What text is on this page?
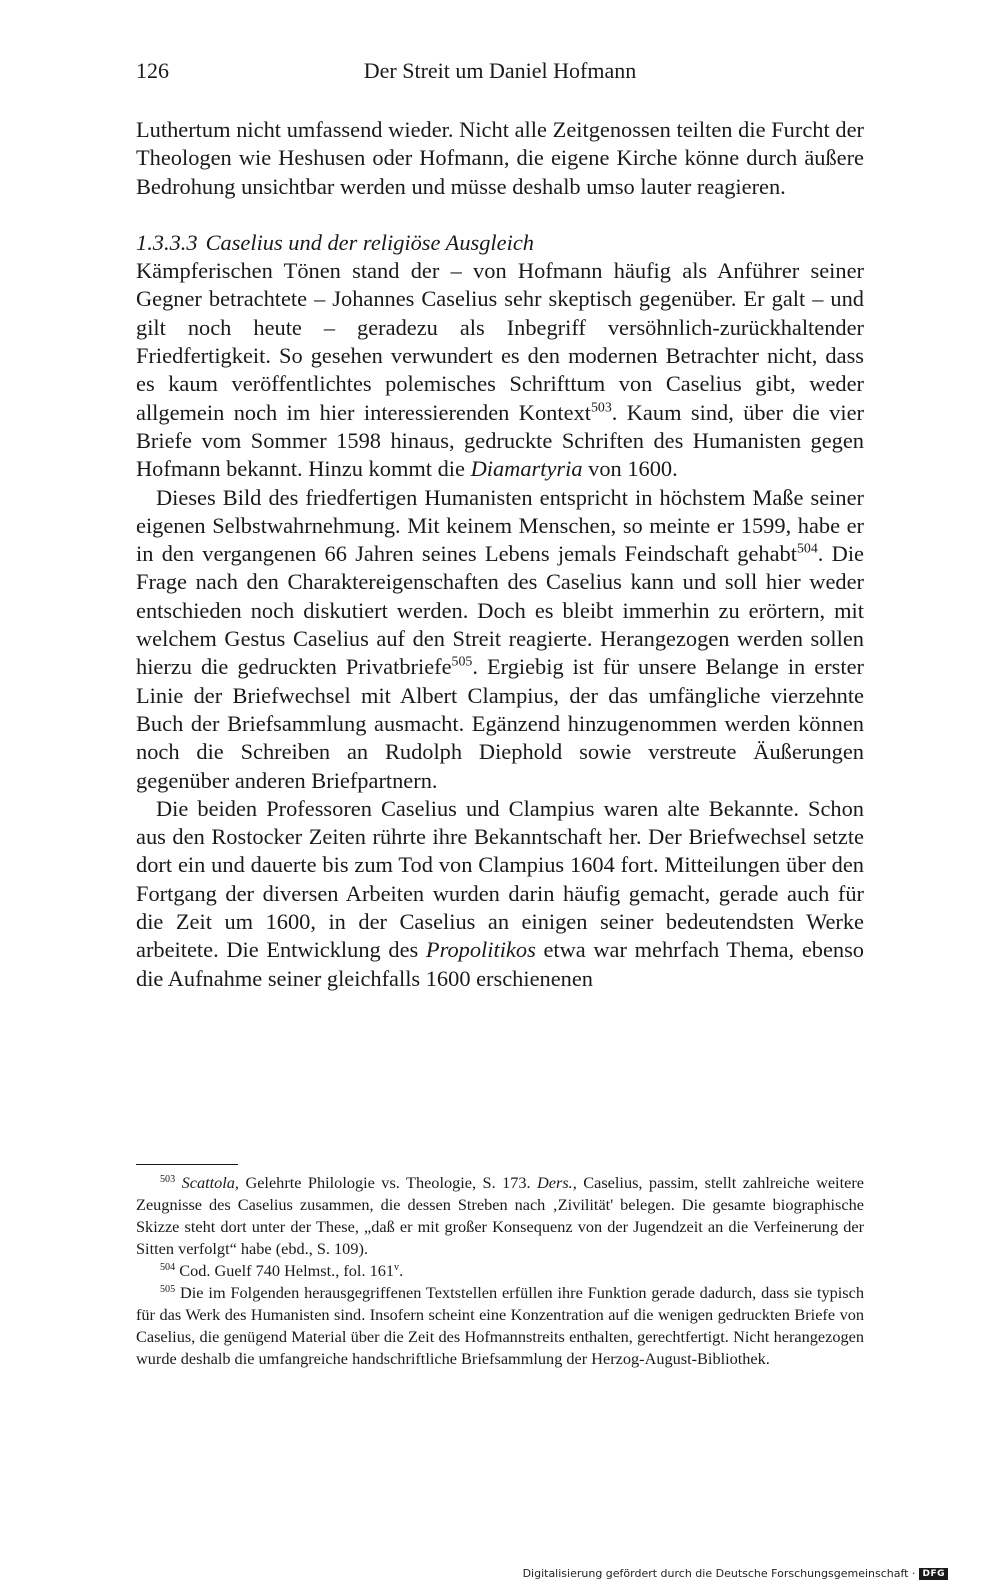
126	Der Streit um Daniel Hofmann

Luthertum nicht umfassend wieder. Nicht alle Zeitgenossen teilten die Furcht der Theologen wie Heshusen oder Hofmann, die eigene Kirche könne durch äußere Bedrohung unsichtbar werden und müsse deshalb umso lauter reagieren.

1.3.3.3 Caselius und der religiöse Ausgleich

Kämpferischen Tönen stand der – von Hofmann häufig als Anführer seiner Gegner betrachtete – Johannes Caselius sehr skeptisch gegenüber. Er galt – und gilt noch heute – geradezu als Inbegriff versöhnlich-zurückhaltender Friedfertigkeit. So gesehen verwundert es den modernen Betrachter nicht, dass es kaum veröffentlichtes polemisches Schrifttum von Caselius gibt, weder allgemein noch im hier interessierenden Kontext$^{503}$. Kaum sind, über die vier Briefe vom Sommer 1598 hinaus, gedruckte Schriften des Humanisten gegen Hofmann bekannt. Hinzu kommt die Diamartyria von 1600.

Dieses Bild des friedfertigen Humanisten entspricht in höchstem Maße seiner eigenen Selbstwahrnehmung. Mit keinem Menschen, so meinte er 1599, habe er in den vergangenen 66 Jahren seines Lebens jemals Feindschaft gehabt$^{504}$. Die Frage nach den Charaktereigenschaften des Caselius kann und soll hier weder entschieden noch diskutiert werden. Doch es bleibt immerhin zu erörtern, mit welchem Gestus Caselius auf den Streit reagierte. Herangezogen werden sollen hierzu die gedruckten Privatbriefe$^{505}$. Ergiebig ist für unsere Belange in erster Linie der Briefwechsel mit Albert Clampius, der das umfängliche vierzehnte Buch der Briefsammlung ausmacht. Egänzend hinzugenommen werden können noch die Schreiben an Rudolph Diephold sowie verstreute Äußerungen gegenüber anderen Briefpartnern.

Die beiden Professoren Caselius und Clampius waren alte Bekannte. Schon aus den Rostocker Zeiten rührte ihre Bekanntschaft her. Der Briefwechsel setzte dort ein und dauerte bis zum Tod von Clampius 1604 fort. Mitteilungen über den Fortgang der diversen Arbeiten wurden darin häufig gemacht, gerade auch für die Zeit um 1600, in der Caselius an einigen seiner bedeutendsten Werke arbeitete. Die Entwicklung des Propolitikos etwa war mehrfach Thema, ebenso die Aufnahme seiner gleichfalls 1600 erschienenen

$^{503}$ Scattola, Gelehrte Philologie vs. Theologie, S. 173. Ders., Caselius, passim, stellt zahlreiche weitere Zeugnisse des Caselius zusammen, die dessen Streben nach ‚Zivilität' belegen. Die gesamte biographische Skizze steht dort unter der These, „daß er mit großer Konsequenz von der Jugendzeit an die Verfeinerung der Sitten verfolgt“ habe (ebd., S. 109).

$^{504}$ Cod. Guelf 740 Helmst., fol. 161$^v$.

$^{505}$ Die im Folgenden herausgegriffenen Textstellen erfüllen ihre Funktion gerade dadurch, dass sie typisch für das Werk des Humanisten sind. Insofern scheint eine Konzentration auf die wenigen gedruckten Briefe von Caselius, die genügend Material über die Zeit des Hofmannstreits enthalten, gerechtfertigt. Nicht herangezogen wurde deshalb die umfangreiche handschriftliche Briefsammlung der Herzog-August-Bibliothek.

Digitalisierung gefördert durch die Deutsche Forschungsgemeinschaft · DFG
